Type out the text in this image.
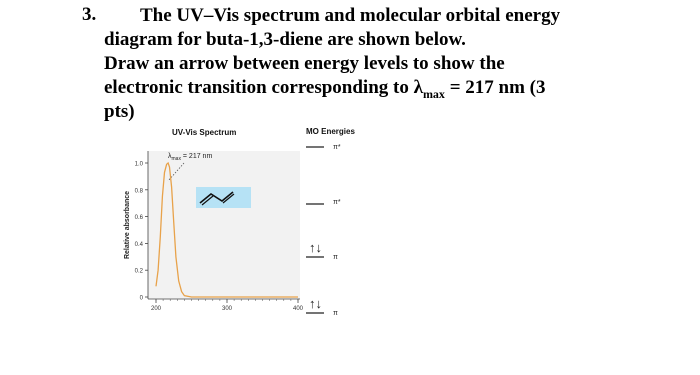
3. The UV–Vis spectrum and molecular orbital energy
diagram for buta-1,3-diene are shown below.
Draw an arrow between energy levels to show the
electronic transition corresponding to $\lambda_{max} = 217$ nm (3
pts)
UV-Vis Spectrum
$\lambda_{max} = 217$ nm
0
0.2
0.4
0.6
0.8
1.0
200	300	400
Relative absorbance
MO Energies
π*
π*
↑↓
π
↑↓
π
